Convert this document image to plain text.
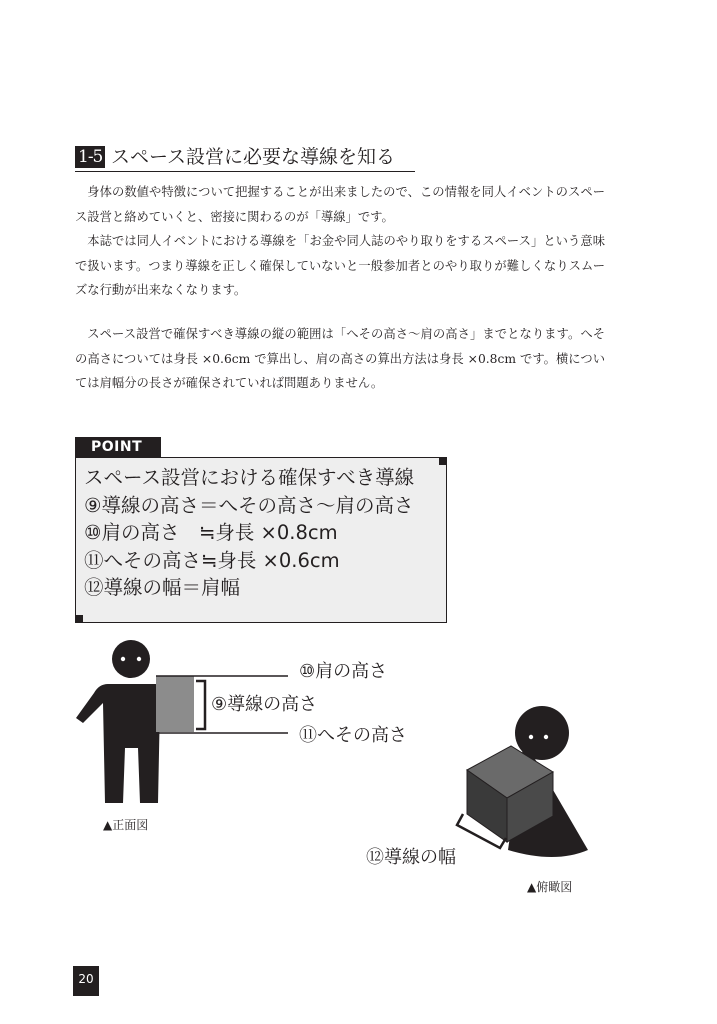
1-5 スペース設営に必要な導線を知る

身体の数値や特徴について把握することが出来ましたので、この情報を同人イベントのスペース設営と絡めていくと、密接に関わるのが「導線」です。

本誌では同人イベントにおける導線を「お金や同人誌のやり取りをするスペース」という意味で扱います。つまり導線を正しく確保していないと一般参加者とのやり取りが難しくなりスムーズな行動が出来なくなります。

スペース設営で確保すべき導線の縦の範囲は「へその高さ～肩の高さ」までとなります。へその高さについては身長 ×0.6cm で算出し、肩の高さの算出方法は身長 ×0.8cm です。横については肩幅分の長さが確保されていれば問題ありません。

POINT
スペース設営における確保すべき導線
⑨導線の高さ＝へその高さ～肩の高さ
⑩肩の高さ　≒身長 ×0.8cm
⑪へその高さ≒身長 ×0.6cm
⑫導線の幅＝肩幅
⑩肩の高さ
⑨導線の高さ
⑪へその高さ
⑫導線の幅
▲正面図
▲俯瞰図
20
